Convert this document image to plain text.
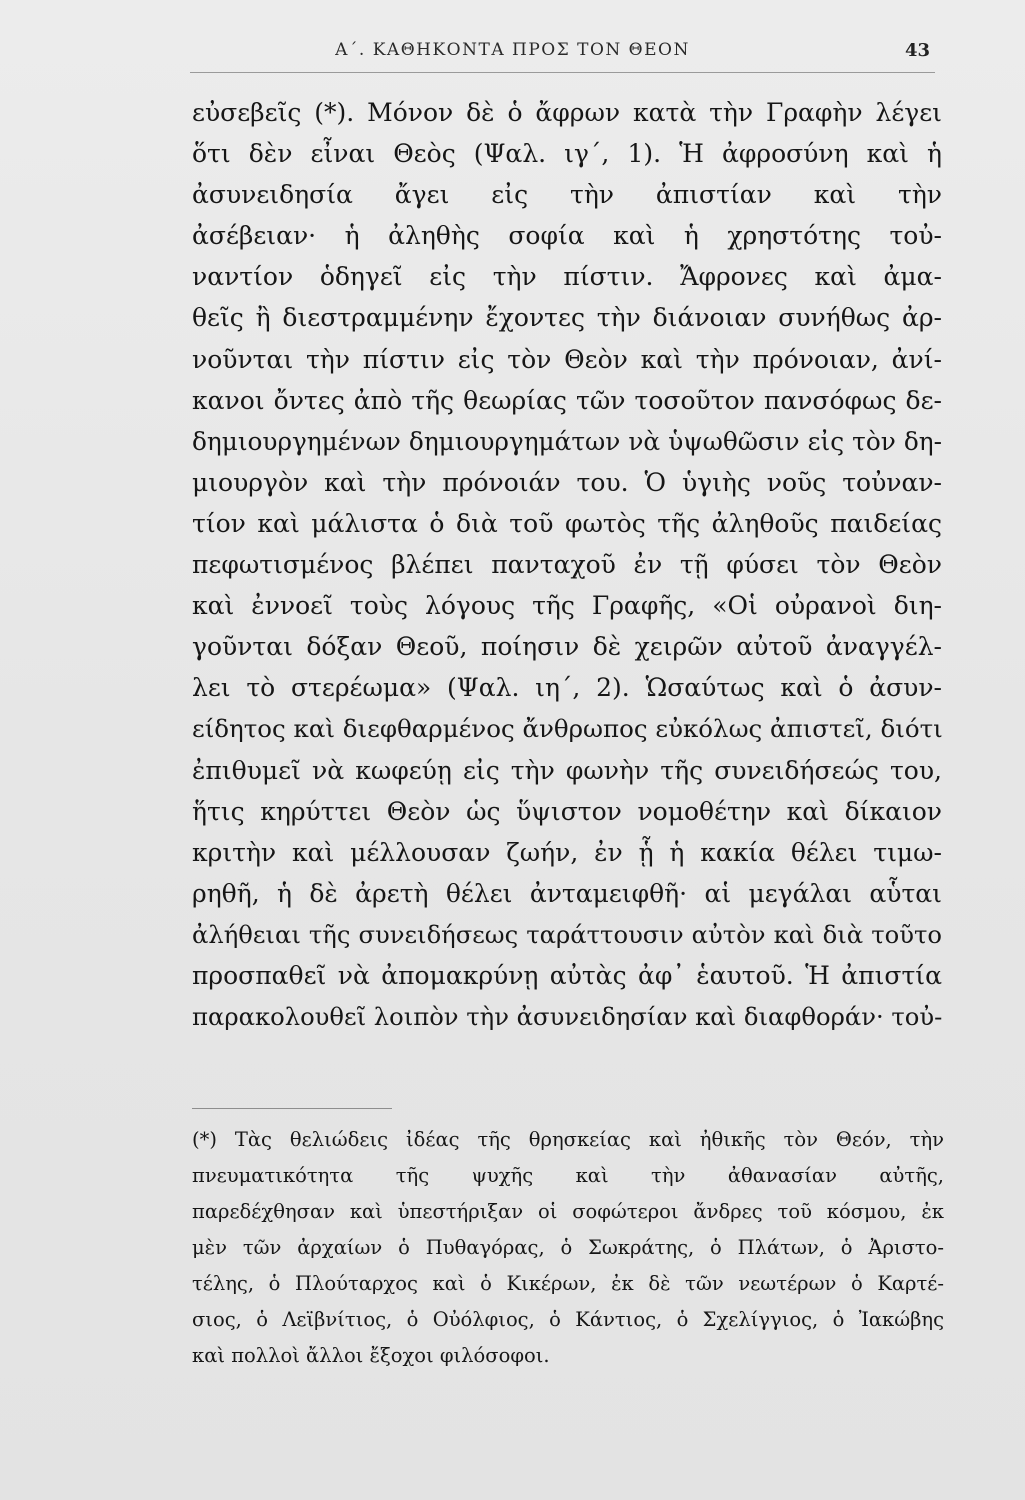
Α΄. ΚΑΘΗΚΟΝΤΑ ΠΡΟΣ ΤΟΝ ΘΕΟΝ	43
εὐσεβεῖς (*). Μόνον δὲ ὁ ἄφρων κατὰ τὴν Γραφὴν λέγει
ὅτι δὲν εἶναι Θεὸς (Ψαλ. ιγ΄, 1). Ἡ ἀφροσύνη καὶ ἡ
ἀσυνειδησία ἄγει εἰς τὴν ἀπιστίαν καὶ τὴν
ἀσέβειαν· ἡ ἀληθὴς σοφία καὶ ἡ χρηστότης τοὐ-
ναντίον ὁδηγεῖ εἰς τὴν πίστιν. Ἄφρονες καὶ ἀμα-
θεῖς ἢ διεστραμμένην ἔχοντες τὴν διάνοιαν συνήθως ἀρ-
νοῦνται τὴν πίστιν εἰς τὸν Θεὸν καὶ τὴν πρόνοιαν, ἀνί-
κανοι ὄντες ἀπὸ τῆς θεωρίας τῶν τοσοῦτον πανσόφως δε-
δημιουργημένων δημιουργημάτων νὰ ὑψωθῶσιν εἰς τὸν δη-
μιουργὸν καὶ τὴν πρόνοιάν του. Ὁ ὑγιὴς νοῦς τοὐναν-
τίον καὶ μάλιστα ὁ διὰ τοῦ φωτὸς τῆς ἀληθοῦς παιδείας
πεφωτισμένος βλέπει πανταχοῦ ἐν τῇ φύσει τὸν Θεὸν
καὶ ἐννοεῖ τοὺς λόγους τῆς Γραφῆς, «Οἱ οὐρανοὶ διη-
γοῦνται δόξαν Θεοῦ, ποίησιν δὲ χειρῶν αὐτοῦ ἀναγγέλ-
λει τὸ στερέωμα» (Ψαλ. ιη΄, 2). Ὡσαύτως καὶ ὁ ἀσυν-
είδητος καὶ διεφθαρμένος ἄνθρωπος εὐκόλως ἀπιστεῖ, διότι
ἐπιθυμεῖ νὰ κωφεύῃ εἰς τὴν φωνὴν τῆς συνειδήσεώς του,
ἥτις κηρύττει Θεὸν ὡς ὕψιστον νομοθέτην καὶ δίκαιον
κριτὴν καὶ μέλλουσαν ζωήν, ἐν ᾗ ἡ κακία θέλει τιμω-
ρηθῆ, ἡ δὲ ἀρετὴ θέλει ἀνταμειφθῆ· αἱ μεγάλαι αὗται
ἀλήθειαι τῆς συνειδήσεως ταράττουσιν αὐτὸν καὶ διὰ τοῦτο
προσπαθεῖ νὰ ἀπομακρύνῃ αὐτὰς ἀφ᾽ ἑαυτοῦ. Ἡ ἀπιστία
παρακολουθεῖ λοιπὸν τὴν ἀσυνειδησίαν καὶ διαφθοράν· τοὐ-
(*) Τὰς θελιώδεις ἰδέας τῆς θρησκείας καὶ ἠθικῆς τὸν Θεόν, τὴν
πνευματικότητα τῆς ψυχῆς καὶ τὴν ἀθανασίαν αὐτῆς,
παρεδέχθησαν καὶ ὑπεστήριξαν οἱ σοφώτεροι ἄνδρες τοῦ κόσμου, ἐκ
μὲν τῶν ἀρχαίων ὁ Πυθαγόρας, ὁ Σωκράτης, ὁ Πλάτων, ὁ Ἀριστο-
τέλης, ὁ Πλούταρχος καὶ ὁ Κικέρων, ἐκ δὲ τῶν νεωτέρων ὁ Καρτέ-
σιος, ὁ Λεϊβνίτιος, ὁ Οὐόλφιος, ὁ Κάντιος, ὁ Σχελίγγιος, ὁ Ἰακώβης
καὶ πολλοὶ ἄλλοι ἔξοχοι φιλόσοφοι.
